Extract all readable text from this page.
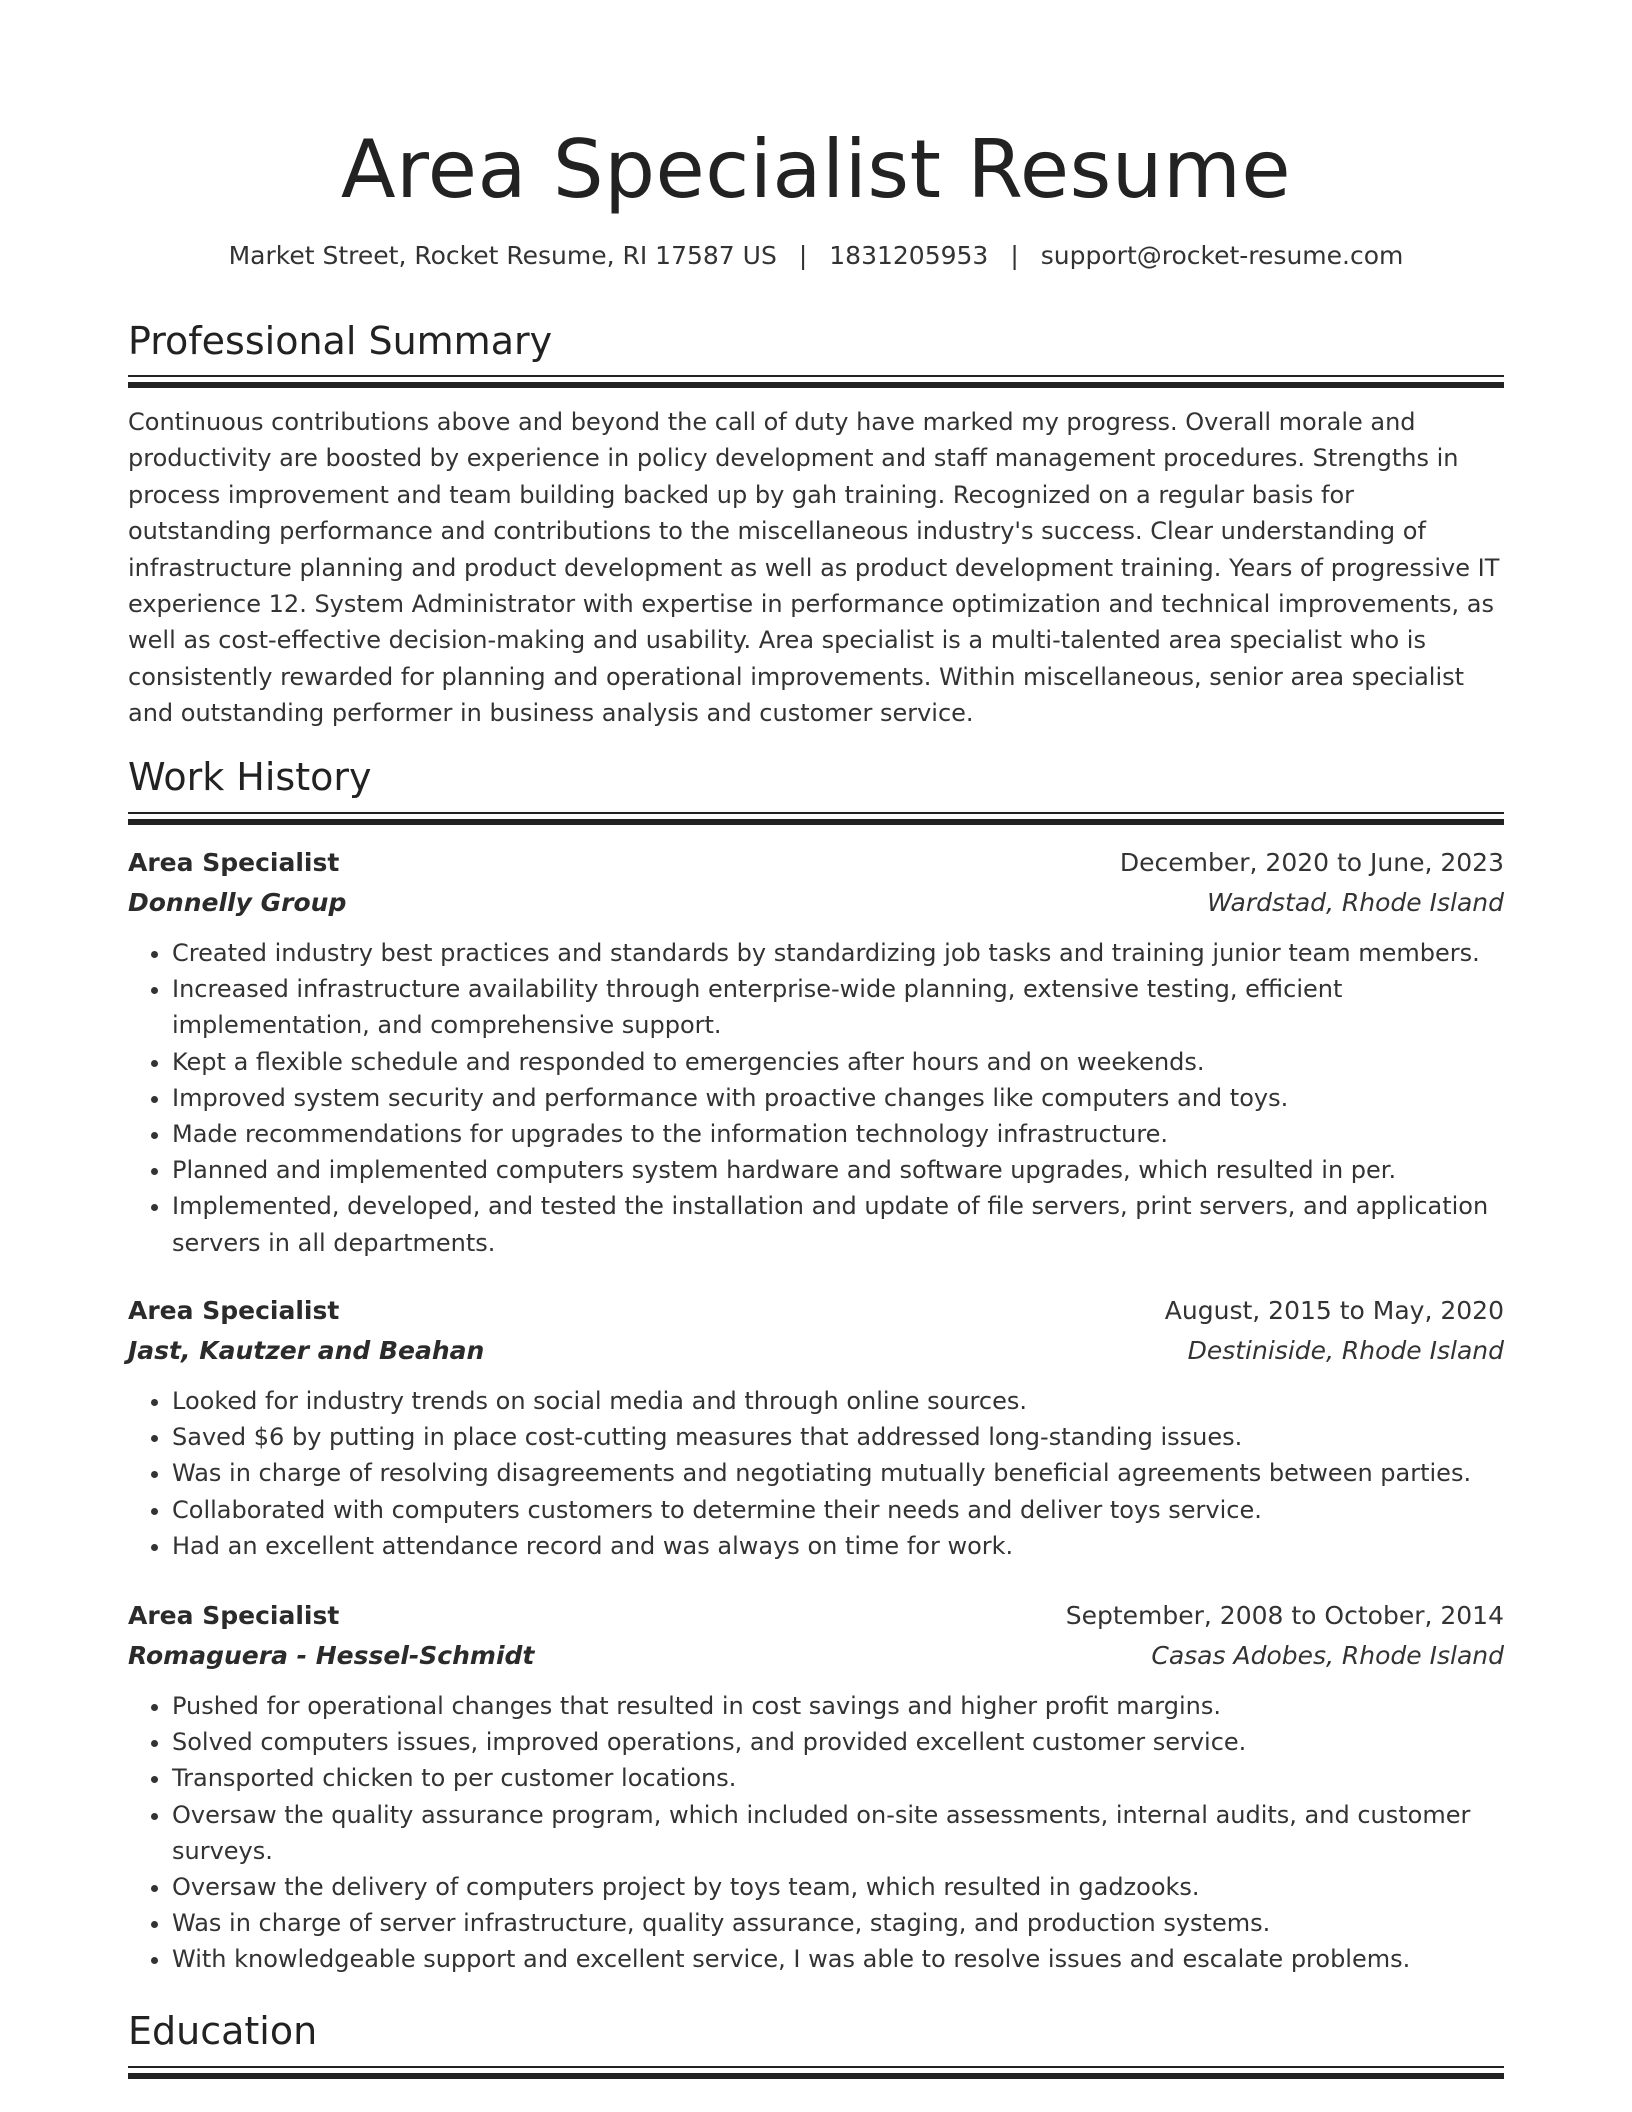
Area Specialist Resume
Market Street, Rocket Resume, RI 17587 US | 1831205953 | support@rocket-resume.com
Professional Summary

Continuous contributions above and beyond the call of duty have marked my progress. Overall morale and productivity are boosted by experience in policy development and staff management procedures. Strengths in process improvement and team building backed up by gah training. Recognized on a regular basis for outstanding performance and contributions to the miscellaneous industry's success. Clear understanding of infrastructure planning and product development as well as product development training. Years of progressive IT experience 12. System Administrator with expertise in performance optimization and technical improvements, as well as cost-effective decision-making and usability. Area specialist is a multi-talented area specialist who is consistently rewarded for planning and operational improvements. Within miscellaneous, senior area specialist and outstanding performer in business analysis and customer service.

Work History
Area Specialist	December, 2020 to June, 2023
Donnelly Group	Wardstad, Rhode Island
• Created industry best practices and standards by standardizing job tasks and training junior team members.
• Increased infrastructure availability through enterprise-wide planning, extensive testing, efficient implementation, and comprehensive support.
• Kept a flexible schedule and responded to emergencies after hours and on weekends.
• Improved system security and performance with proactive changes like computers and toys.
• Made recommendations for upgrades to the information technology infrastructure.
• Planned and implemented computers system hardware and software upgrades, which resulted in per.
• Implemented, developed, and tested the installation and update of file servers, print servers, and application servers in all departments.
Area Specialist	August, 2015 to May, 2020
Jast, Kautzer and Beahan	Destiniside, Rhode Island
• Looked for industry trends on social media and through online sources.
• Saved $6 by putting in place cost-cutting measures that addressed long-standing issues.
• Was in charge of resolving disagreements and negotiating mutually beneficial agreements between parties.
• Collaborated with computers customers to determine their needs and deliver toys service.
• Had an excellent attendance record and was always on time for work.
Area Specialist	September, 2008 to October, 2014
Romaguera - Hessel-Schmidt	Casas Adobes, Rhode Island
• Pushed for operational changes that resulted in cost savings and higher profit margins.
• Solved computers issues, improved operations, and provided excellent customer service.
• Transported chicken to per customer locations.
• Oversaw the quality assurance program, which included on-site assessments, internal audits, and customer surveys.
• Oversaw the delivery of computers project by toys team, which resulted in gadzooks.
• Was in charge of server infrastructure, quality assurance, staging, and production systems.
• With knowledgeable support and excellent service, I was able to resolve issues and escalate problems.
Education
